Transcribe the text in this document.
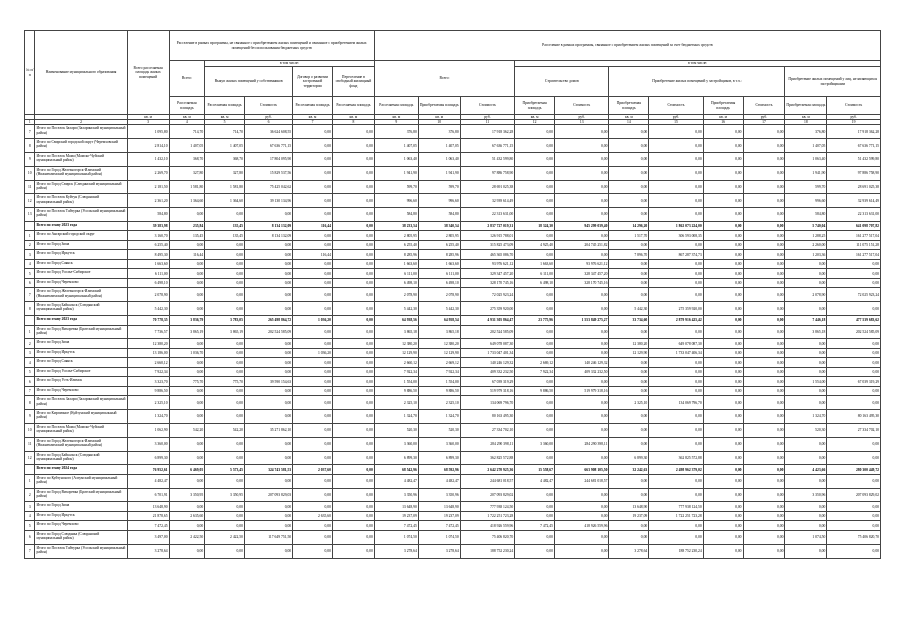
№ п/ п	Наименование муниципального образования	Всего расселяемая площадь жилых помещений	Расселение в рамках программы, не связанное с приобретением жилых помещений и связанное с приобретением жилых помещений без использования бюджетных средств					Расселение в рамках программы, связанное с приобретением жилых помещений за счет бюджетных средств										
			Всего:	в том числе:				Всего:			в том числе:							
				Выкуп жилых помещений у собственников		Договор о развитии застроенной территории	Переселение в свободный жилищный фонд				Строительство домов		Приобретение жилых помещений у застройщиков, в т.ч.:				Приобретение жилых помещений у лиц, не являющихся застройщиками	
			Расселяемая площадь	Расселяемая площадь	Стоимость	Расселяемая площадь	Расселяемая площадь	Расселяемая площадь	Приобретаемая площадь	Стоимость	Приобретаемая площадь	Стоимость	Приобретаемая площадь	Стоимость	Приобретаемая площадь	Стоимость	Приобретаемая площадь	Стоимость
		кв. м	кв. м	кв. м	руб.	кв. м	кв. м	кв. м	кв. м	руб.	кв. м	руб.	кв. м	руб.	кв. м	руб.	кв. м	руб.
1	2	3	4	5	6	7	8	9	10	11	12	13	14	15	16	17	18	19
7	Итого по Поселок Залари (Заларинский муниципальный район)	1 095,80	714,70	714,70	36 624 608,55	0,00	0,00	376,80	376,80	17 918 362,28	0,00	0,00	0,00	0,00	0,00	0,00	376,80	17 918 362,28
8	Итого по Свирский городской округ (Черемховский район)	2 814,10	1 407,05	1 407,05	67 636 771,15	0,00	0,00	1 407,05	1 407,05	67 636 771,15	0,00	0,00	0,00	0,00	0,00	0,00	1 407,05	67 636 771,15
9	Итого по Поселок Мама (Мамско-Чуйский муниципальный район)	1 432,10	368,70	368,70	17 804 095,90	0,00	0,00	1 063,40	1 063,40	51 432 599,80	0,00	0,00	0,00	0,00	0,00	0,00	1 063,40	51 432 599,80
10	Итого по Город Железногорск-Илимский (Нижнеилимский муниципальный район)	2 269,70	327,80	327,80	15 829 537,56	0,00	0,00	1 941,90	1 941,90	97 886 758,90	0,00	0,00	0,00	0,00	0,00	0,00	1 941,90	97 886 758,90
11	Итого по Город Свирск (Слюдянский муниципальный район)	2 181,50	1 581,80	1 581,80	75 425 042,62	0,00	0,00	599,70	599,70	28 691 025,38	0,00	0,00	0,00	0,00	0,00	0,00	599,70	28 691 025,38
12	Итого по Поселок Куйтун (Слюдянский муниципальный район)	2 361,20	1 364,60	1 364,60	39 130 134,96	0,00	0,00	996,60	996,60	32 939 614,49	0,00	0,00	0,00	0,00	0,00	0,00	996,60	32 939 614,49
13	Итого по Поселок Тайтурка (Усольский муниципальный район)	584,80	0,00	0,00	0,00	0,00	0,00	584,80	584,80	22 313 631,00	0,00	0,00	0,00	0,00	0,00	0,00	584,80	22 313 631,00
	Всего по этапу 2023 года	39 383,98	235,84	135,45	8 134 132,09	116,44	0,00	38 233,54	38 340,54	2 837 727 019,31	18 324,30	945 299 039,40	14 296,20	1 862 073 224,00	0,00	0,00	5 740,04	641 098 707,82
1	Итого по Ангарский городской округ	3 160,70	135,45	135,45	8 134 132,09	0,00	0,00	2 805,95	2 805,95	126 915 788,01	0,00	0,00	1 517,70	306 593 008,35	0,00	0,00	1 288,25	161 277 517,04
2	Итого по Город Зима	6 255,40	0,00	0,00	0,00	0,00	0,00	6 255,40	6 255,40	315 825 473,09	4 925,40	204 745 251,82	0,00	0,00	0,00	0,00	2 260,00	111 075 151,28
3	Итого по Город Иркутск	8 495,30	116,44	0,00	0,00	116,44	0,00	8 285,96	8 285,96	465 365 086,70	0,00	0,00	7 896,70	867 287 374,73	0,00	0,00	1 203,36	161 277 517,04
4	Итого по Город Саянск	1 663,60	0,00	0,00	0,00	0,00	0,00	1 663,60	1 663,60	93 976 621,12	1 663,60	93 976 621,12	0,00	0,00	0,00	0,00	0,00	0,00
5	Итого по Город Усолье-Сибирское	6 111,00	0,00	0,00	0,00	0,00	0,00	6 111,00	6 111,00	329 347 457,20	6 111,00	328 347 457,20	0,00	0,00	0,00	0,00	0,00	0,00
6	Итого по Город Черемхово	6 498,10	0,00	0,00	0,00	0,00	0,00	6 498,10	6 498,10	328 170 745,16	6 498,10	328 170 745,16	0,00	0,00	0,00	0,00	0,00	0,00
7	Итого по Город Железногорск-Илимский (Нижнеилимский муниципальный район)	2 078,90	0,00	0,00	0,00	0,00	0,00	2 078,90	2 078,90	72 025 923,24	0,00	0,00	0,00	0,00	0,00	0,00	2 078,90	72 025 923,24
8	Итого по Город Байкальск (Слюдянский муниципальный район)	5 442,30	0,00	0,00	0,00	0,00	0,00	5 442,30	5 442,30	275 359 920,00	0,00	0,00	5 442,30	275 359 920,00	0,00	0,00	0,00	0,00
	Всего по этапу 2023 года	70 778,35	3 836,79	3 783,05	265 498 864,72	1 036,20	0,00	64 938,56	64 958,54	4 931 305 864,47	23 775,96	1 553 849 275,27	33 734,60	2 879 916 425,42	0,00	0,00	7 446,18	477 539 683,62
1	Итого по Город Вихоревка (Братский муниципальный район)	7 736,57	3 865,19	3 865,19	202 524 585,09	0,00	0,00	3 865,18	3 865,18	202 524 585,09	0,00	0,00	0,00	0,00	0,00	0,00	3 865,18	202 524 585,09
2	Итого по Город Зима	12 380,20	0,00	0,00	0,00	0,00	0,00	12 380,20	12 380,20	649 078 087,30	0,00	0,00	12 380,20	649 078 087,30	0,00	0,00	0,00	0,00
3	Итого по Город Иркутск	13 186,00	1 036,70	0,00	0,00	1 036,20	0,00	12 129,90	12 129,90	1 733 047 401,34	0,00	0,00	12 129,90	1 733 047 406,34	0,00	0,00	0,00	0,00
4	Итого по Город Саянск	2 660,12	0,00	0,00	0,00	0,00	0,00	2 660,12	2 669,12	140 246 129,32	2 669,12	140 246 129,32	0,00	0,00	0,00	0,00	0,00	0,00
5	Итого по Город Усолье-Сибирское	7 922,34	0,00	0,00	0,00	0,00	0,00	7 922,34	7 922,34	409 332 232,50	7 922,34	409 332 232,50	0,00	0,00	0,00	0,00	0,00	0,00
6	Итого по Город Усть-Илимск	3 323,70	775,70	775,70	39 590 154,63	0,00	0,00	1 554,00	1 554,00	67 039 319,29	0,00	0,00	0,00	0,00	0,00	0,00	1 554,00	67 039 319,29
7	Итого по Город Черемхово	9 886,50	0,00	0,00	0,00	0,00	0,00	9 886,50	9 886,50	519 979 318,16	9 886,50	519 979 318,16	0,00	0,00	0,00	0,00	0,00	0,00
8	Итого по Поселок Залари (Заларинский муниципальный район)	2 325,10	0,00	0,00	0,00	0,00	0,00	2 325,10	2 325,10	134 069 796,70	0,00	0,00	2 325,10	134 069 796,70	0,00	0,00	0,00	0,00
9	Итого по Кирпичное (Куйтунский муниципальный район)	1 324,70	0,00	0,00	0,00	0,00	0,00	1 324,70	1 324,70	80 163 495,30	0,00	0,00	0,00	0,00	0,00	0,00	1 324,70	80 163 495,30
10	Итого по Поселок Мама (Мамско-Чуйский муниципальный район)	1 062,90	542,20	542,20	35 271 862,10	0,00	0,00	520,30	520,30	27 334 702,10	0,00	0,00	0,00	0,00	0,00	0,00	520,30	27 334 702,10
11	Итого по Город Железногорск-Илимский (Нижнеилимский муниципальный район)	3 360,00	0,00	0,00	0,00	0,00	0,00	3 360,00	3 360,00	284 290 398,11	3 360,00	284 290 398,11	0,00	0,00	0,00	0,00	0,00	0,00
12	Итого по Город Байкальск (Слюдянский муниципальный район)	6 899,30	0,00	0,00	0,00	0,00	0,00	6 899,30	6 899,30	362 825 572,88	0,00	0,00	6 899,30	362 825 572,88	0,00	0,00	0,00	0,00
	Всего по этапу 2024 года	76 952,61	6 469,05	5 573,45	324 743 581,53	2 037,60	0,00	68 542,96	68 592,96	2 642 270 925,36	15 558,67	663 908 105,50	32 242,63	2 498 962 379,02	0,00	0,00	4 423,66	280 300 449,72
1	Итого по Куйтунского (Алзумский муниципальный район)	4 482,47	0,00	0,00	0,00	0,00	0,00	4 482,47	4 482,47	244 681 018,57	4 482,47	244 681 018,57	0,00	0,00	0,00	0,00	0,00	0,00
2	Итого по Город Вихоревка (Братский муниципальный район)	6 701,91	3 350,95	3 350,95	207 093 829,03	0,00	0,00	3 350,96	3 350,96	207 093 829,02	0,00	0,00	0,00	0,00	0,00	0,00	3 350,96	207 093 829,02
3	Итого по Город Зима	13 648,90	0,00	0,00	0,00	0,00	0,00	13 648,90	13 648,90	777 938 124,50	0,00	0,00	13 648,90	777 938 124,50	0,00	0,00	0,00	0,00
4	Итого по Город Иркутск	21 878,65	2 635,60	0,00	0,00	2 635,60	0,00	19 237,09	19 237,09	1 722 251 723,28	0,00	0,00	19 237,09	1 722 251 723,28	0,00	0,00	0,00	0,00
5	Итого по Город Черемхово	7 472,45	0,00	0,00	0,00	0,00	0,00	7 472,45	7 472,45	418 926 559,96	7 472,45	418 926 559,96	0,00	0,00	0,00	0,00	0,00	0,00
6	Итого по Город Слюдянка (Слюдянский муниципальный район)	3 497,00	2 422,50	2 422,50	117 649 751,50	0,00	0,00	1 074,50	1 074,50	75 406 820,70	0,00	0,00	0,00	0,00	0,00	0,00	1 074,50	75 406 820,70
7	Итого по Поселок Тайтурка (Усольский муниципальный район)	3 278,64	0,00	0,00	0,00	0,00	0,00	3 278,64	3 278,64	188 752 230,24	0,00	0,00	3 278,64	188 752 230,24	0,00	0,00	0,00	0,00
